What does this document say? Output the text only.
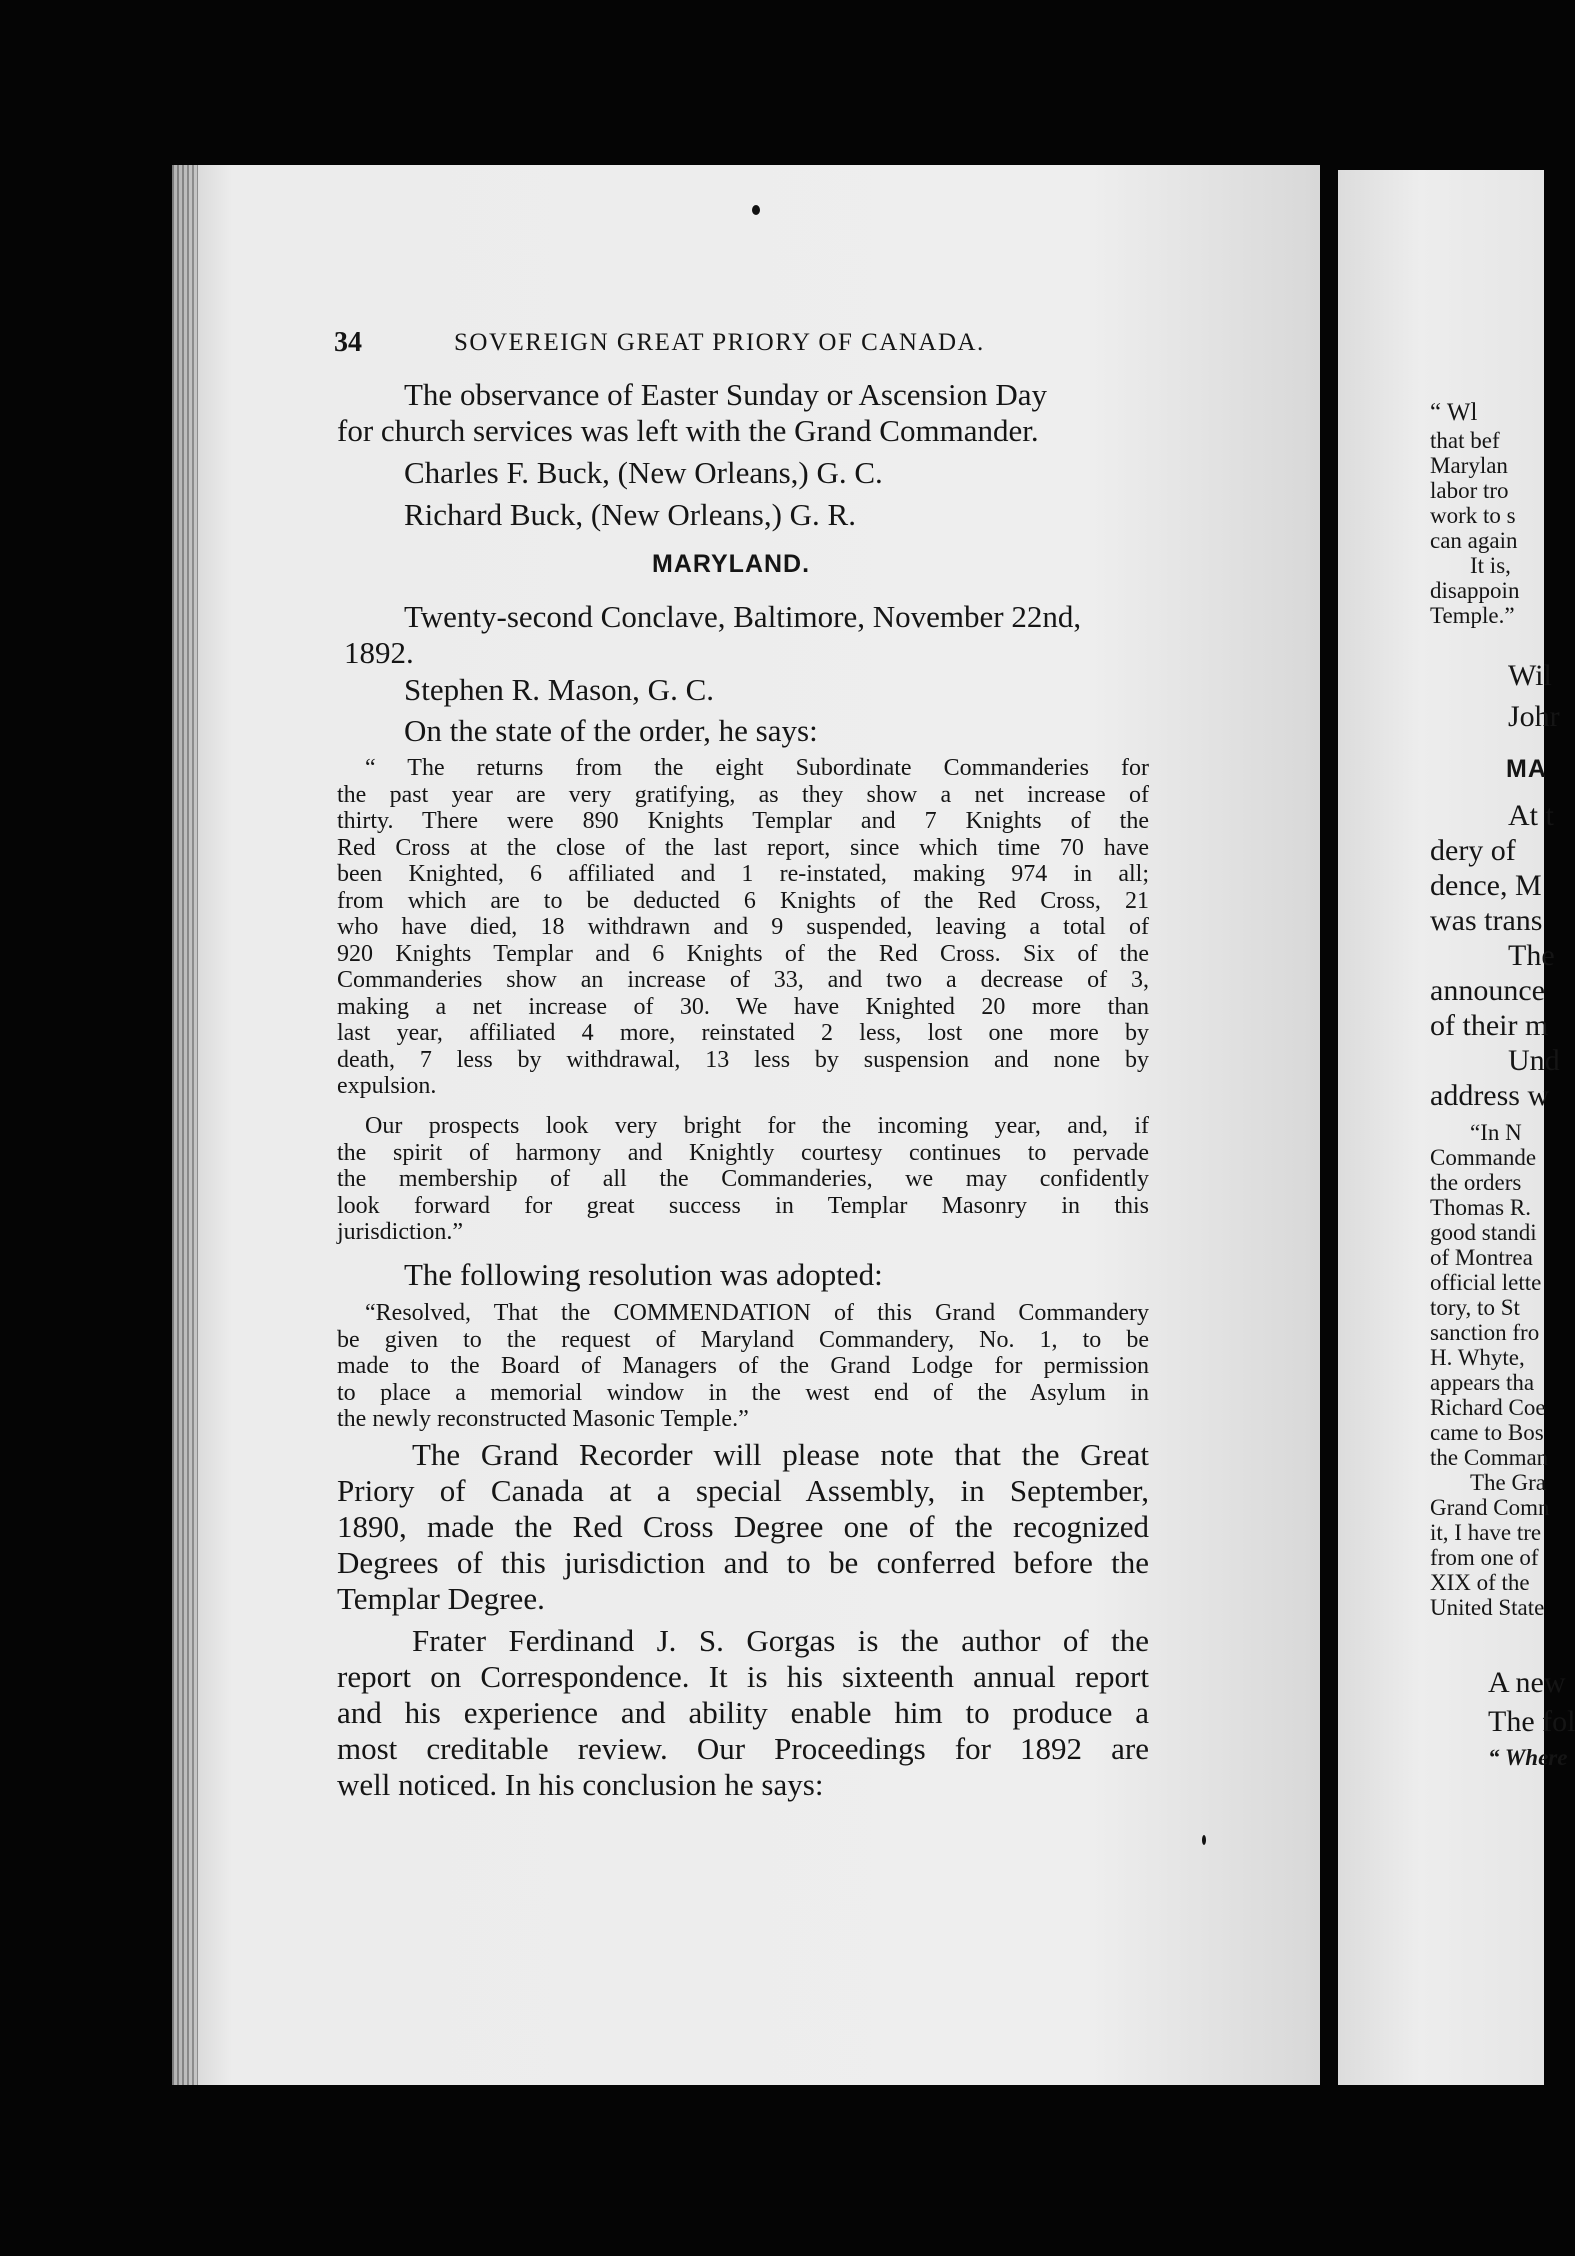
34	SOVEREIGN GREAT PRIORY OF CANADA.
The observance of Easter Sunday or Ascension Day
for church services was left with the Grand Commander.
Charles F. Buck, (New Orleans,) G. C.
Richard Buck, (New Orleans,) G. R.
MARYLAND.
Twenty-second Conclave, Baltimore, November 22nd,
1892.
Stephen R. Mason, G. C.
On the state of the order, he says:
“ The returns from the eight Subordinate Commanderies for
the past year are very gratifying, as they show a net increase of
thirty. There were 890 Knights Templar and 7 Knights of the
Red Cross at the close of the last report, since which time 70 have
been Knighted, 6 affiliated and 1 re-instated, making 974 in all;
from which are to be deducted 6 Knights of the Red Cross, 21
who have died, 18 withdrawn and 9 suspended, leaving a total of
920 Knights Templar and 6 Knights of the Red Cross. Six of the
Commanderies show an increase of 33, and two a decrease of 3,
making a net increase of 30. We have Knighted 20 more than
last year, affiliated 4 more, reinstated 2 less, lost one more by
death, 7 less by withdrawal, 13 less by suspension and none by
expulsion.
Our prospects look very bright for the incoming year, and, if
the spirit of harmony and Knightly courtesy continues to pervade
the membership of all the Commanderies, we may confidently
look forward for great success in Templar Masonry in this
jurisdiction.”
The following resolution was adopted:
“Resolved, That the COMMENDATION of this Grand Commandery
be given to the request of Maryland Commandery, No. 1, to be
made to the Board of Managers of the Grand Lodge for permission
to place a memorial window in the west end of the Asylum in
the newly reconstructed Masonic Temple.”
The Grand Recorder will please note that the Great
Priory of Canada at a special Assembly, in September,
1890, made the Red Cross Degree one of the recognized
Degrees of this jurisdiction and to be conferred before the
Templar Degree.
Frater Ferdinand J. S. Gorgas is the author of the
report on Correspondence. It is his sixteenth annual report
and his experience and ability enable him to produce a
most creditable review. Our Proceedings for 1892 are
well noticed. In his conclusion he says:
“ Wl
that bef
Marylan
labor tro
work to s
can again
It is,
disappoin
Temple.”
Wil
Johr
MA
At t
dery of
dence, M
was trans
The
announce
of their m
Und
address w
“In N
Commande
the orders
Thomas R.
good standi
of Montrea
official lette
tory, to St
sanction fro
H. Whyte,
appears tha
Richard Coe
came to Bos
the Comman
The Gra
Grand Comn
it, I have tre
from one of
XIX of the
United State
A new
The fol
“ Where
